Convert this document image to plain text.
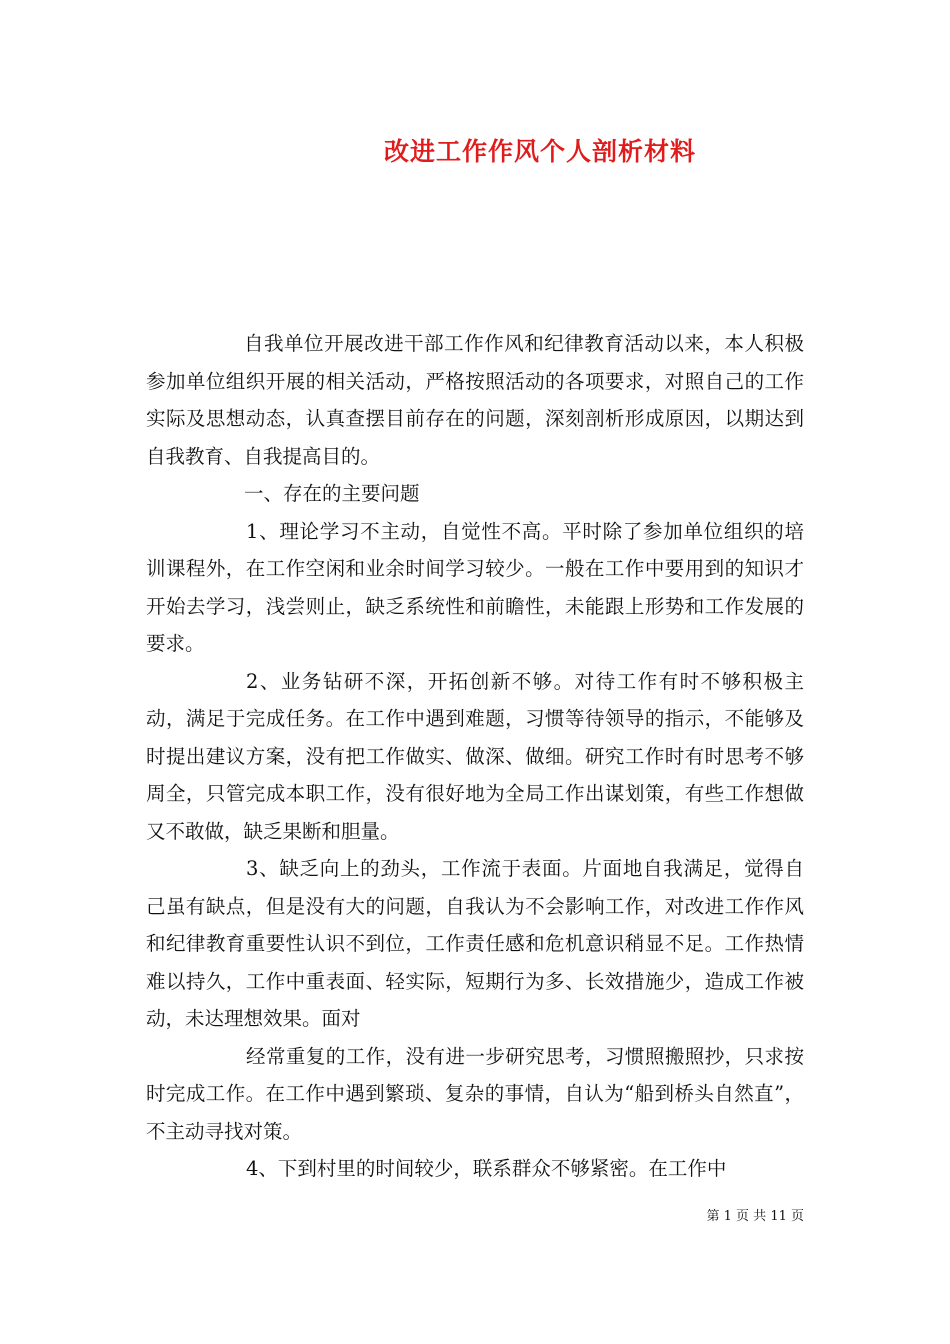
改进工作作风个人剖析材料

自我单位开展改进干部工作作风和纪律教育活动以来，本人积极参加单位组织开展的相关活动，严格按照活动的各项要求，对照自己的工作实际及思想动态，认真查摆目前存在的问题，深刻剖析形成原因，以期达到自我教育、自我提高目的。

一、存在的主要问题

1、理论学习不主动，自觉性不高。平时除了参加单位组织的培训课程外，在工作空闲和业余时间学习较少。一般在工作中要用到的知识才开始去学习，浅尝则止，缺乏系统性和前瞻性，未能跟上形势和工作发展的要求。

2、业务钻研不深，开拓创新不够。对待工作有时不够积极主动，满足于完成任务。在工作中遇到难题，习惯等待领导的指示，不能够及时提出建议方案，没有把工作做实、做深、做细。研究工作时有时思考不够周全，只管完成本职工作，没有很好地为全局工作出谋划策，有些工作想做又不敢做，缺乏果断和胆量。

3、缺乏向上的劲头，工作流于表面。片面地自我满足，觉得自己虽有缺点，但是没有大的问题，自我认为不会影响工作，对改进工作作风和纪律教育重要性认识不到位，工作责任感和危机意识稍显不足。工作热情难以持久，工作中重表面、轻实际，短期行为多、长效措施少，造成工作被动，未达理想效果。面对

经常重复的工作，没有进一步研究思考，习惯照搬照抄，只求按时完成工作。在工作中遇到繁琐、复杂的事情，自认为“船到桥头自然直”，不主动寻找对策。

4、下到村里的时间较少，联系群众不够紧密。在工作中

第 1 页 共 11 页
